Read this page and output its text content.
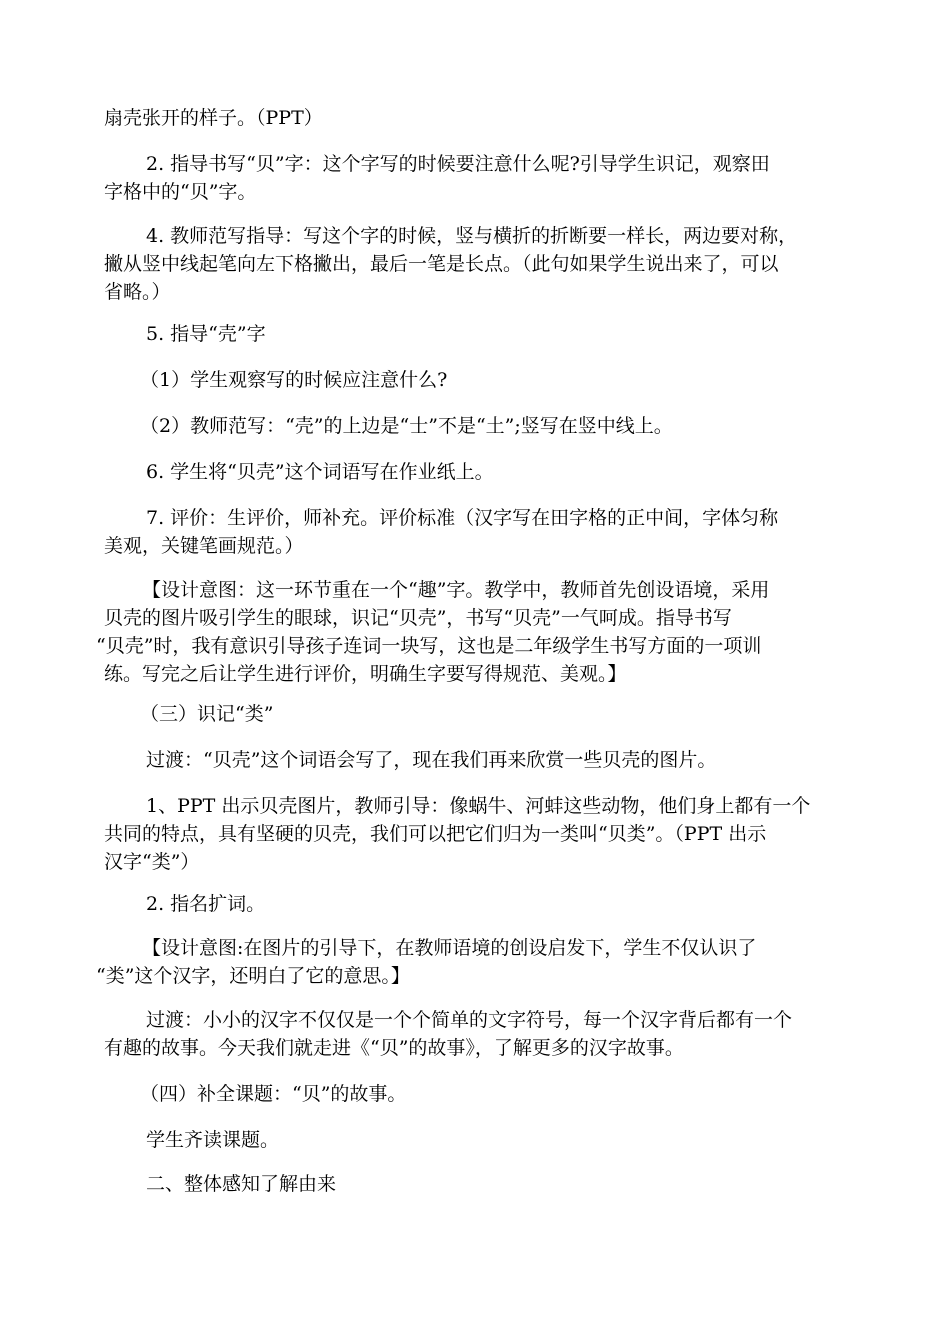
扇壳张开的样子。（PPT）

2. 指导书写“贝”字：这个字写的时候要注意什么呢?引导学生识记，观察田
字格中的“贝”字。

4. 教师范写指导：写这个字的时候，竖与横折的折断要一样长，两边要对称，
撇从竖中线起笔向左下格撇出，最后一笔是长点。（此句如果学生说出来了，可以
省略。）

5. 指导“壳”字

（1）学生观察写的时候应注意什么?

（2）教师范写：“壳”的上边是“士”不是“土”;竖写在竖中线上。

6. 学生将“贝壳”这个词语写在作业纸上。

7. 评价：生评价，师补充。评价标准（汉字写在田字格的正中间，字体匀称
美观，关键笔画规范。）

【设计意图：这一环节重在一个“趣”字。教学中，教师首先创设语境，采用
贝壳的图片吸引学生的眼球，识记“贝壳”，书写“贝壳”一气呵成。指导书写
“贝壳”时，我有意识引导孩子连词一块写，这也是二年级学生书写方面的一项训
练。写完之后让学生进行评价，明确生字要写得规范、美观。】

（三）识记“类”

过渡：“贝壳”这个词语会写了，现在我们再来欣赏一些贝壳的图片。

1、PPT 出示贝壳图片，教师引导：像蜗牛、河蚌这些动物，他们身上都有一个
共同的特点，具有坚硬的贝壳，我们可以把它们归为一类叫“贝类”。（PPT 出示
汉字“类”）

2. 指名扩词。

【设计意图:在图片的引导下，在教师语境的创设启发下，学生不仅认识了
“类”这个汉字，还明白了它的意思。】

过渡：小小的汉字不仅仅是一个个简单的文字符号，每一个汉字背后都有一个
有趣的故事。今天我们就走进《“贝”的故事》，了解更多的汉字故事。

（四）补全课题：“贝”的故事。

学生齐读课题。

二、整体感知了解由来
